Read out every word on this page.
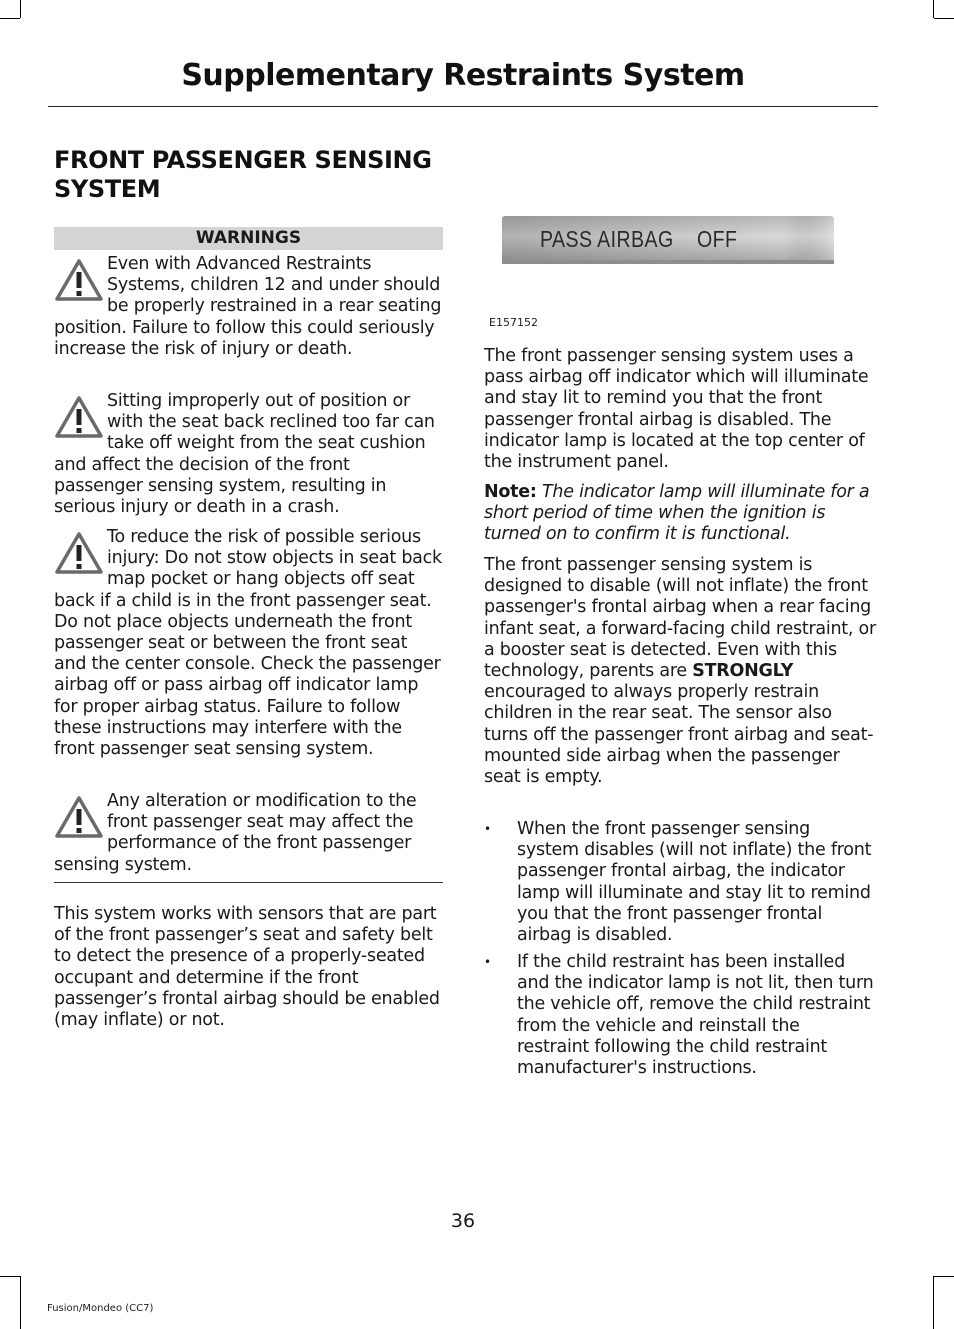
Supplementary Restraints System
FRONT PASSENGER SENSING SYSTEM
WARNINGS
Even with Advanced Restraints Systems, children 12 and under should be properly restrained in a rear seating position. Failure to follow this could seriously increase the risk of injury or death.
Sitting improperly out of position or with the seat back reclined too far can take off weight from the seat cushion and affect the decision of the front passenger sensing system, resulting in serious injury or death in a crash.
To reduce the risk of possible serious injury: Do not stow objects in seat back map pocket or hang objects off seat back if a child is in the front passenger seat. Do not place objects underneath the front passenger seat or between the front seat and the center console. Check the passenger airbag off or pass airbag off indicator lamp for proper airbag status. Failure to follow these instructions may interfere with the front passenger seat sensing system.
Any alteration or modification to the front passenger seat may affect the performance of the front passenger sensing system.
This system works with sensors that are part of the front passenger’s seat and safety belt to detect the presence of a properly-seated occupant and determine if the front passenger’s frontal airbag should be enabled (may inflate) or not.
PASS AIRBAG    OFF
E157152
The front passenger sensing system uses a pass airbag off indicator which will illuminate and stay lit to remind you that the front passenger frontal airbag is disabled. The indicator lamp is located at the top center of the instrument panel.
Note: The indicator lamp will illuminate for a short period of time when the ignition is turned on to confirm it is functional.
The front passenger sensing system is designed to disable (will not inflate) the front passenger's frontal airbag when a rear facing infant seat, a forward-facing child restraint, or a booster seat is detected. Even with this technology, parents are STRONGLY encouraged to always properly restrain children in the rear seat. The sensor also turns off the passenger front airbag and seat-mounted side airbag when the passenger seat is empty.
•	When the front passenger sensing system disables (will not inflate) the front passenger frontal airbag, the indicator lamp will illuminate and stay lit to remind you that the front passenger frontal airbag is disabled.
•	If the child restraint has been installed and the indicator lamp is not lit, then turn the vehicle off, remove the child restraint from the vehicle and reinstall the restraint following the child restraint manufacturer's instructions.
36
Fusion/Mondeo (CC7)
